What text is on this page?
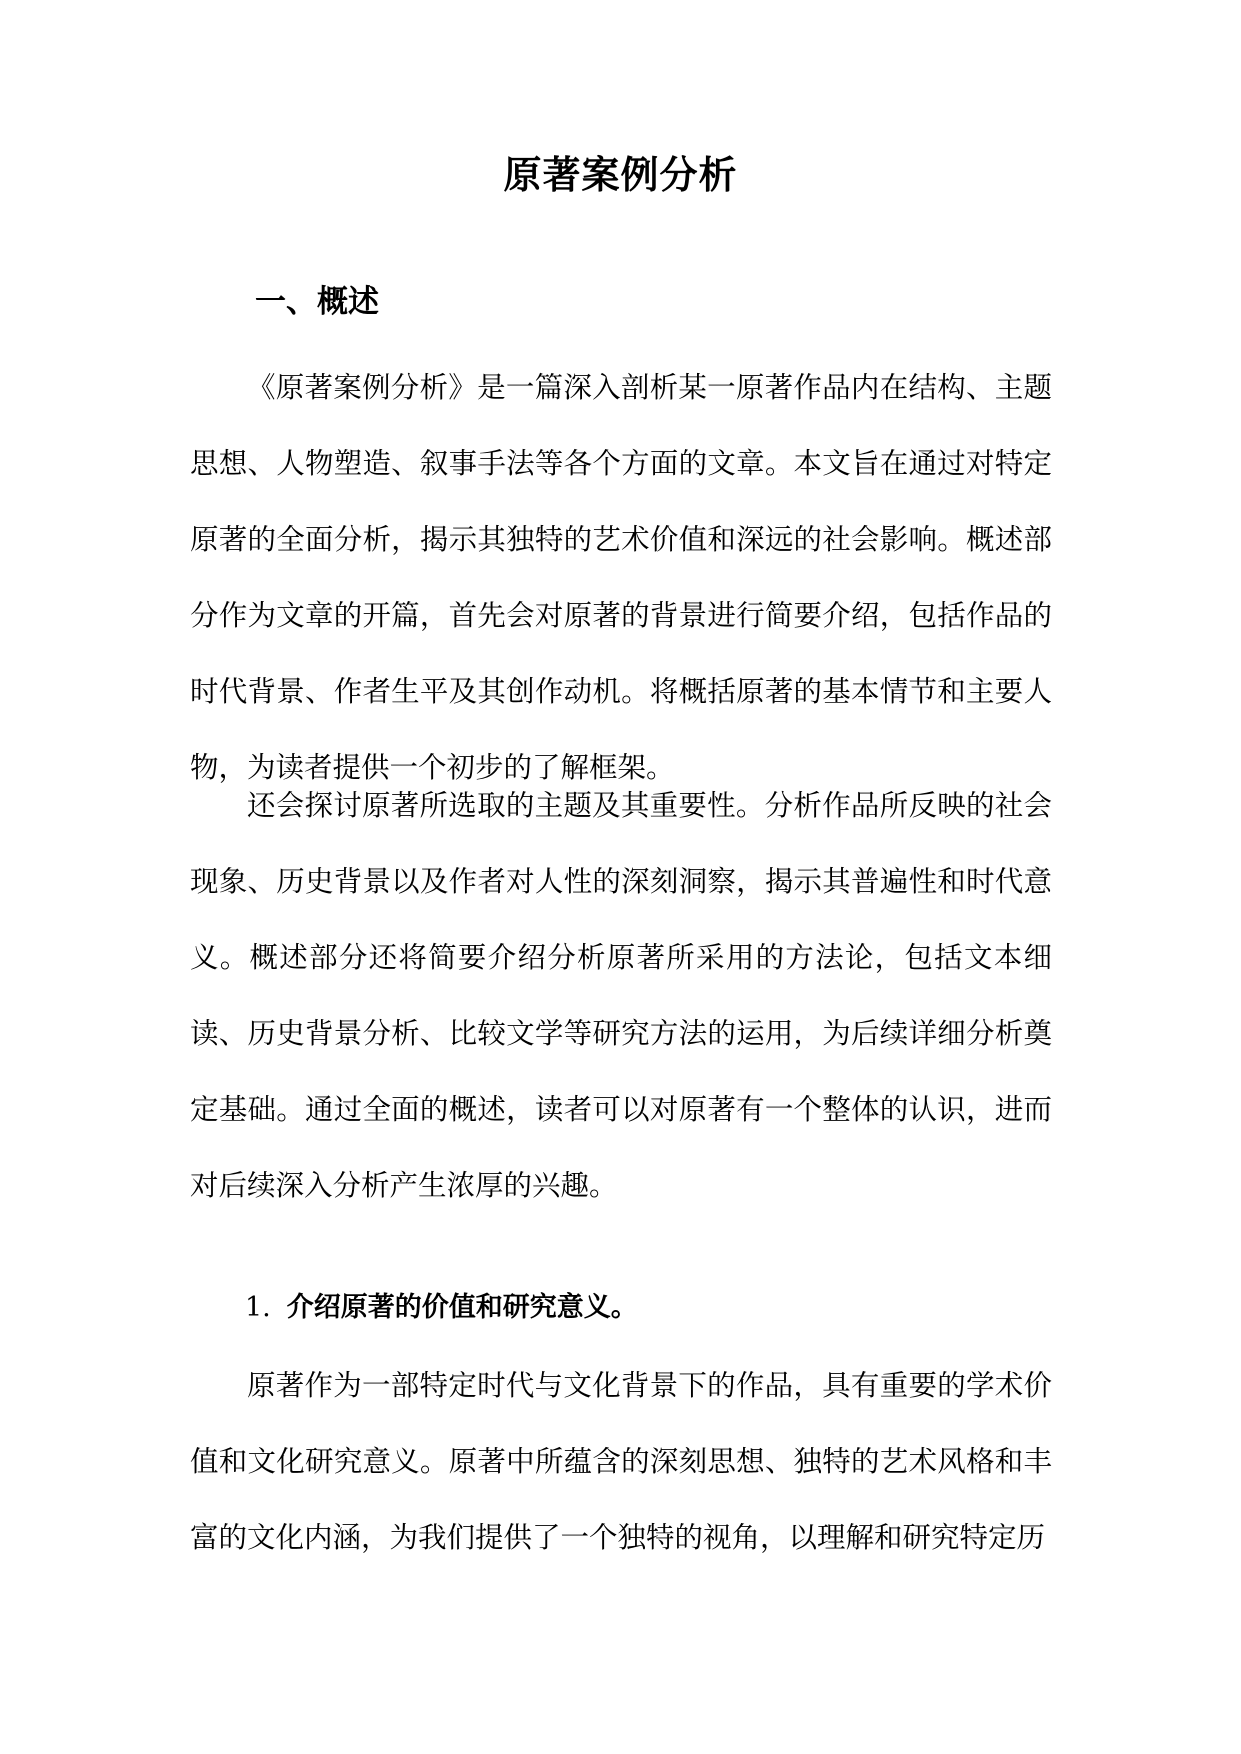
原著案例分析
一、概述

《原著案例分析》是一篇深入剖析某一原著作品内在结构、主题思想、人物塑造、叙事手法等各个方面的文章。本文旨在通过对特定原著的全面分析，揭示其独特的艺术价值和深远的社会影响。概述部分作为文章的开篇，首先会对原著的背景进行简要介绍，包括作品的时代背景、作者生平及其创作动机。将概括原著的基本情节和主要人物，为读者提供一个初步的了解框架。

还会探讨原著所选取的主题及其重要性。分析作品所反映的社会现象、历史背景以及作者对人性的深刻洞察，揭示其普遍性和时代意义。概述部分还将简要介绍分析原著所采用的方法论，包括文本细读、历史背景分析、比较文学等研究方法的运用，为后续详细分析奠定基础。通过全面的概述，读者可以对原著有一个整体的认识，进而对后续深入分析产生浓厚的兴趣。

1. 介绍原著的价值和研究意义。

原著作为一部特定时代与文化背景下的作品，具有重要的学术价值和文化研究意义。原著中所蕴含的深刻思想、独特的艺术风格和丰富的文化内涵，为我们提供了一个独特的视角，以理解和研究特定历
